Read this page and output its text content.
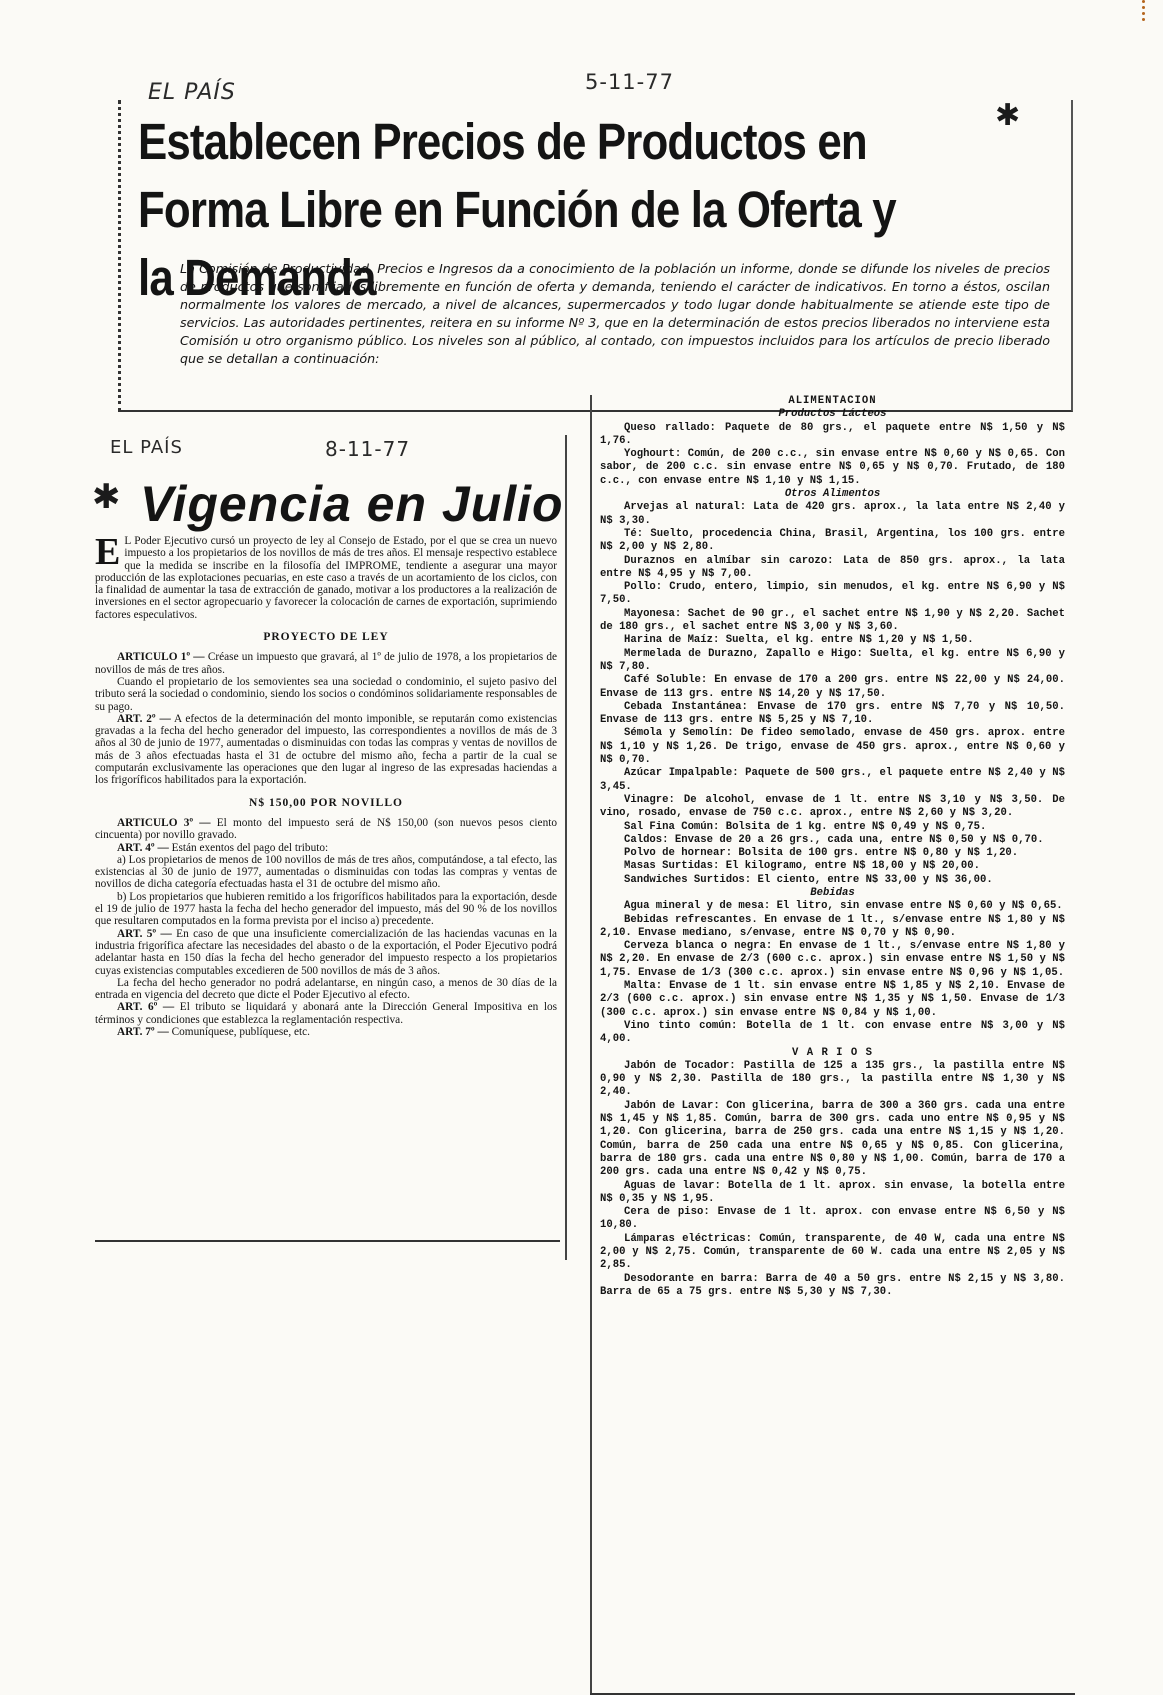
EL PAÍS	5-11-77
✱
Establecen Precios de Productos en Forma Libre en Función de la Oferta y la Demanda

La Comisión de Productividad, Precios e Ingresos da a conocimiento de la población un informe, donde se difunde los niveles de precios de productos que son fijados libremente en función de oferta y demanda, teniendo el carácter de indicativos. En torno a éstos, oscilan normalmente los valores de mercado, a nivel de alcances, supermercados y todo lugar donde habitualmente se atiende este tipo de servicios. Las autoridades pertinentes, reitera en su informe Nº 3, que en la determinación de estos precios liberados no interviene esta Comisión u otro organismo público. Los niveles son al público, al contado, con impuestos incluidos para los artículos de precio liberado que se detallan a continuación:

EL PAÍS	8-11-77
✱ Vigencia en Julio

E L Poder Ejecutivo cursó un proyecto de ley al Consejo de Estado, por el que se crea un nuevo impuesto a los propietarios de los novillos de más de tres años. El mensaje respectivo establece que la medida se inscribe en la filosofía del IMPROME, tendiente a asegurar una mayor producción de las explotaciones pecuarias, en este caso a través de un acortamiento de los ciclos, con la finalidad de aumentar la tasa de extracción de ganado, motivar a los productores a la realización de inversiones en el sector agropecuario y favorecer la colocación de carnes de exportación, suprimiendo factores especulativos.

PROYECTO DE LEY

ARTICULO 1º — Créase un impuesto que gravará, al 1º de julio de 1978, a los propietarios de novillos de más de tres años.

Cuando el propietario de los semovientes sea una sociedad o condominio, el sujeto pasivo del tributo será la sociedad o condominio, siendo los socios o condóminos solidariamente responsables de su pago.

ART. 2º — A efectos de la determinación del monto imponible, se reputarán como existencias gravadas a la fecha del hecho generador del impuesto, las correspondientes a novillos de más de 3 años al 30 de junio de 1977, aumentadas o disminuidas con todas las compras y ventas de novillos de más de 3 años efectuadas hasta el 31 de octubre del mismo año, fecha a partir de la cual se computarán exclusivamente las operaciones que den lugar al ingreso de las expresadas haciendas a los frigoríficos habilitados para la exportación.

N$ 150,00 POR NOVILLO

ARTICULO 3º — El monto del impuesto será de N$ 150,00 (son nuevos pesos ciento cincuenta) por novillo gravado.

ART. 4º — Están exentos del pago del tributo:

a) Los propietarios de menos de 100 novillos de más de tres años, computándose, a tal efecto, las existencias al 30 de junio de 1977, aumentadas o disminuidas con todas las compras y ventas de novillos de dicha categoría efectuadas hasta el 31 de octubre del mismo año.

b) Los propietarios que hubieren remitido a los frigoríficos habilitados para la exportación, desde el 19 de julio de 1977 hasta la fecha del hecho generador del impuesto, más del 90 % de los novillos que resultaren computados en la forma prevista por el inciso a) precedente.

ART. 5º — En caso de que una insuficiente comercialización de las haciendas vacunas en la industria frigorífica afectare las necesidades del abasto o de la exportación, el Poder Ejecutivo podrá adelantar hasta en 150 días la fecha del hecho generador del impuesto respecto a los propietarios cuyas existencias computables excedieren de 500 novillos de más de 3 años.

La fecha del hecho generador no podrá adelantarse, en ningún caso, a menos de 30 días de la entrada en vigencia del decreto que dicte el Poder Ejecutivo al efecto.

ART. 6º — El tributo se liquidará y abonará ante la Dirección General Impositiva en los términos y condiciones que establezca la reglamentación respectiva.

ART. 7º — Comuníquese, publíquese, etc.

ALIMENTACION

Productos Lácteos

Queso rallado: Paquete de 80 grs., el paquete entre N$ 1,50 y N$ 1,76.

Yoghourt: Común, de 200 c.c., sin envase entre N$ 0,60 y N$ 0,65. Con sabor, de 200 c.c. sin envase entre N$ 0,65 y N$ 0,70. Frutado, de 180 c.c., con envase entre N$ 1,10 y N$ 1,15.

Otros Alimentos

Arvejas al natural: Lata de 420 grs. aprox., la lata entre N$ 2,40 y N$ 3,30.

Té: Suelto, procedencia China, Brasil, Argentina, los 100 grs. entre N$ 2,00 y N$ 2,80.

Duraznos en almíbar sin carozo: Lata de 850 grs. aprox., la lata entre N$ 4,95 y N$ 7,00.

Pollo: Crudo, entero, limpio, sin menudos, el kg. entre N$ 6,90 y N$ 7,50.

Mayonesa: Sachet de 90 gr., el sachet entre N$ 1,90 y N$ 2,20. Sachet de 180 grs., el sachet entre N$ 3,00 y N$ 3,60.

Harina de Maíz: Suelta, el kg. entre N$ 1,20 y N$ 1,50.

Mermelada de Durazno, Zapallo e Higo: Suelta, el kg. entre N$ 6,90 y N$ 7,80.

Café Soluble: En envase de 170 a 200 grs. entre N$ 22,00 y N$ 24,00. Envase de 113 grs. entre N$ 14,20 y N$ 17,50.

Cebada Instantánea: Envase de 170 grs. entre N$ 7,70 y N$ 10,50. Envase de 113 grs. entre N$ 5,25 y N$ 7,10.

Sémola y Semolín: De fideo semolado, envase de 450 grs. aprox. entre N$ 1,10 y N$ 1,26. De trigo, envase de 450 grs. aprox., entre N$ 0,60 y N$ 0,70.

Azúcar Impalpable: Paquete de 500 grs., el paquete entre N$ 2,40 y N$ 3,45.

Vinagre: De alcohol, envase de 1 lt. entre N$ 3,10 y N$ 3,50. De vino, rosado, envase de 750 c.c. aprox., entre N$ 2,60 y N$ 3,20.

Sal Fina Común: Bolsita de 1 kg. entre N$ 0,49 y N$ 0,75.

Caldos: Envase de 20 a 26 grs., cada una, entre N$ 0,50 y N$ 0,70.

Polvo de hornear: Bolsita de 100 grs. entre N$ 0,80 y N$ 1,20.

Masas Surtidas: El kilogramo, entre N$ 18,00 y N$ 20,00.

Sandwiches Surtidos: El ciento, entre N$ 33,00 y N$ 36,00.

Bebidas

Agua mineral y de mesa: El litro, sin envase entre N$ 0,60 y N$ 0,65.

Bebidas refrescantes. En envase de 1 lt., s/envase entre N$ 1,80 y N$ 2,10. Envase mediano, s/envase, entre N$ 0,70 y N$ 0,90.

Cerveza blanca o negra: En envase de 1 lt., s/envase entre N$ 1,80 y N$ 2,20. En envase de 2/3 (600 c.c. aprox.) sin envase entre N$ 1,50 y N$ 1,75. Envase de 1/3 (300 c.c. aprox.) sin envase entre N$ 0,96 y N$ 1,05.

Malta: Envase de 1 lt. sin envase entre N$ 1,85 y N$ 2,10. Envase de 2/3 (600 c.c. aprox.) sin envase entre N$ 1,35 y N$ 1,50. Envase de 1/3 (300 c.c. aprox.) sin envase entre N$ 0,84 y N$ 1,00.

Vino tinto común: Botella de 1 lt. con envase entre N$ 3,00 y N$ 4,00.

V A R I O S

Jabón de Tocador: Pastilla de 125 a 135 grs., la pastilla entre N$ 0,90 y N$ 2,30. Pastilla de 180 grs., la pastilla entre N$ 1,30 y N$ 2,40.

Jabón de Lavar: Con glicerina, barra de 300 a 360 grs. cada una entre N$ 1,45 y N$ 1,85. Común, barra de 300 grs. cada uno entre N$ 0,95 y N$ 1,20. Con glicerina, barra de 250 grs. cada una entre N$ 1,15 y N$ 1,20. Común, barra de 250 cada una entre N$ 0,65 y N$ 0,85. Con glicerina, barra de 180 grs. cada una entre N$ 0,80 y N$ 1,00. Común, barra de 170 a 200 grs. cada una entre N$ 0,42 y N$ 0,75.

Aguas de lavar: Botella de 1 lt. aprox. sin envase, la botella entre N$ 0,35 y N$ 1,95.

Cera de piso: Envase de 1 lt. aprox. con envase entre N$ 6,50 y N$ 10,80.

Lámparas eléctricas: Común, transparente, de 40 W, cada una entre N$ 2,00 y N$ 2,75. Común, transparente de 60 W. cada una entre N$ 2,05 y N$ 2,85.

Desodorante en barra: Barra de 40 a 50 grs. entre N$ 2,15 y N$ 3,80. Barra de 65 a 75 grs. entre N$ 5,30 y N$ 7,30.
